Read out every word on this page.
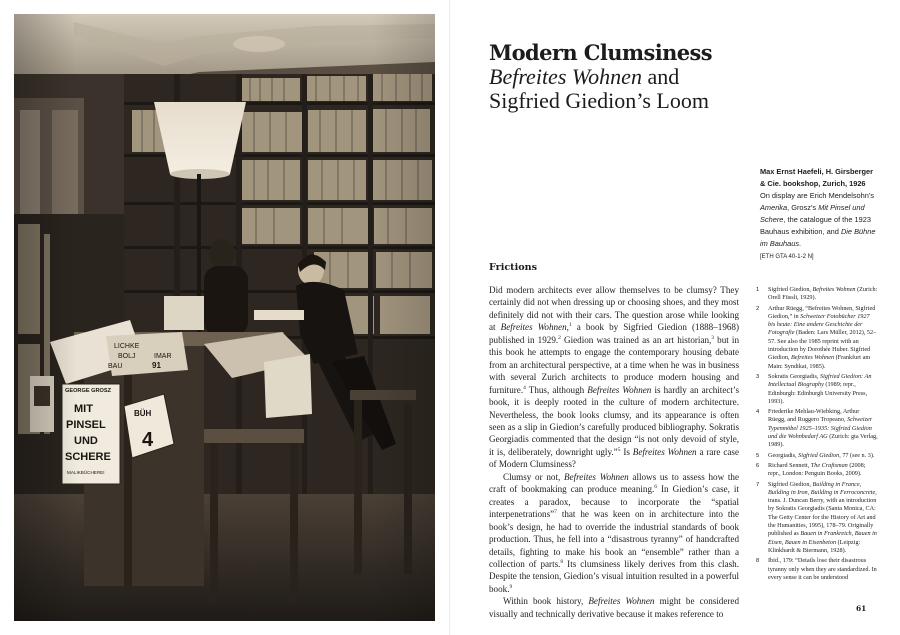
Modern Clumsiness

Befreites Wohnen and

Sigfried Giedion’s Loom

Max Ernst Haefeli, H. Girsberger & Cie. bookshop, Zurich, 1926
On display are Erich Mendelsohn’s Amerika, Grosz’s Mit Pinsel und Schere, the catalogue of the 1923 Bauhaus exhibition, and Die Bühne im Bauhaus.
[ETH GTA 40-1-2 N]
Frictions

Did modern architects ever allow themselves to be clumsy? They certainly did not when dressing up or choosing shoes, and they most definitely did not with their cars. The question arose while looking at Befreites Wohnen,$^1$ a book by Sigfried Giedion (1888–1968) published in 1929.$^2$ Giedion was trained as an art historian,$^3$ but in this book he attempts to engage the contemporary housing debate from an architectural perspective, at a time when he was in business with several Zurich architects to produce modern housing and furniture.$^4$ Thus, although Befreites Wohnen is hardly an architect’s book, it is deeply rooted in the culture of modern architecture. Nevertheless, the book looks clumsy, and its appearance is often seen as a slip in Giedion’s carefully produced bibliography. Sokratis Georgiadis commented that the design “is not only devoid of style, it is, deliberately, downright ugly.”$^5$ Is Befreites Wohnen a rare case of Modern Clumsiness?

Clumsy or not, Befreites Wohnen allows us to assess how the craft of bookmaking can produce meaning.$^6$ In Giedion’s case, it creates a paradox, because to incorporate the “spatial interpenetrations”$^7$ that he was keen on in architecture into the book’s design, he had to override the industrial standards of book production. Thus, he fell into a “disastrous tyranny” of handcrafted details, fighting to make his book an “ensemble” rather than a collection of parts.$^8$ Its clumsiness likely derives from this clash. Despite the tension, Giedion’s visual intuition resulted in a powerful book.$^9$

Within book history, Befreites Wohnen might be considered visually and technically derivative because it makes reference to

1	Sigfried Giedion, Befreites Wohnen (Zurich: Orell Füssli, 1929).
2	Arthur Rüegg, “Befreites Wohnen, Sigfried Giedion,” in Schweizer Fotobücher 1927 bis heute: Eine andere Geschichte der Fotografie (Baden: Lars Müller, 2012), 52–57. See also the 1985 reprint with an introduction by Dorothée Huber. Sigfried Giedion, Befreites Wohnen (Frankfurt am Main: Syndikat, 1985).
3	Sokratis Georgiadis, Sigfried Giedion: An Intellectual Biography (1989; repr., Edinburgh: Edinburgh University Press, 1993).
4	Friederike Mehlau-Wiebking, Arthur Rüegg, and Ruggero Tropeano, Schweizer Typenmöbel 1925–1935: Sigfried Giedion und die Wohnbedarf AG (Zurich: gta Verlag, 1989).
5	Georgiadis, Sigfried Giedion, 77 (see n. 3).
6	Richard Sennett, The Craftsman (2008; repr., London: Penguin Books, 2009).
7	Sigfried Giedion, Building in France, Building in Iron, Building in Ferroconcrete, trans. J. Duncan Berry, with an introduction by Sokratis Georgiadis (Santa Monica, CA: The Getty Center for the History of Art and the Humanities, 1995), 178–79. Originally published as Bauen in Frankreich, Bauen in Eisen, Bauen in Eisenbeton (Leipzig: Klinkhardt & Biermann, 1928).
8	Ibid., 179: “Details lose their disastrous tyranny only when they are standardized. In every sense it can be understood
61
